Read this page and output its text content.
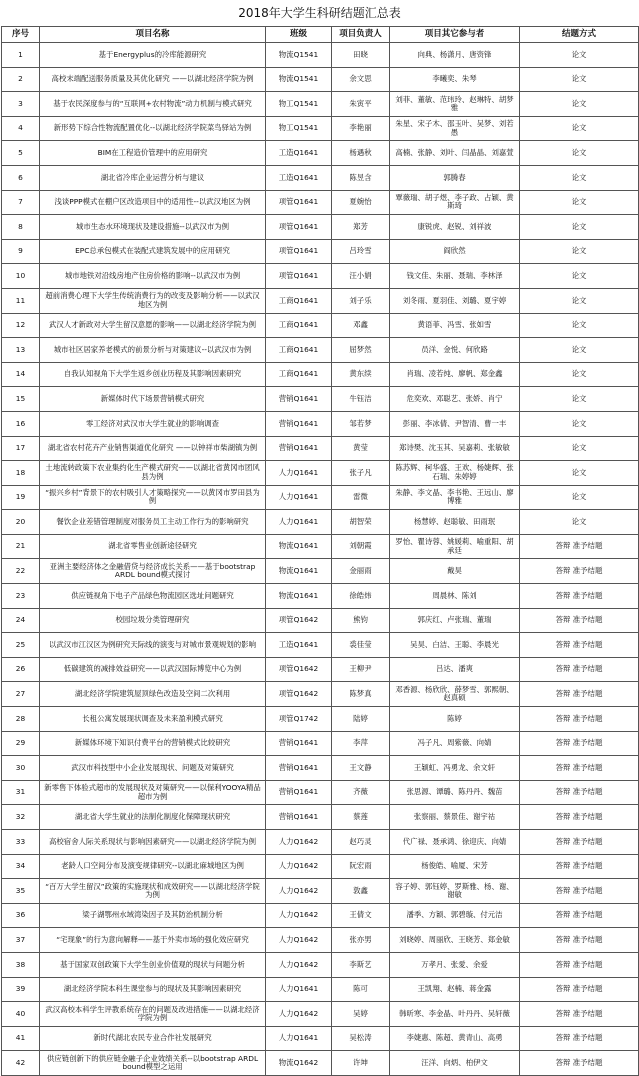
2018年大学生科研结题汇总表
序号	项目名称	班级	项目负责人	项目其它参与者	结题方式
1	基于Energyplus的冷库能源研究	物流Q1541	田晓	向典、杨潇月、唐资锋	论文
2	高校末端配送服务质量及其优化研究 ——以湖北经济学院为例	物流Q1541	余文思	李曦奕、朱琴	论文
3	基于农民深度参与的“互联网+农村物流”动力机制与模式研究	物工Q1541	朱寅平	刘菲、董敏、范玮玲、赵琳特、胡梦雅	论文
4	新形势下综合性物流配置优化--以湖北经济学院菜鸟驿站为例	物工Q1541	李艳丽	朱星、宋子木、邵玉叶、吴梦、刘若愚	论文
5	BIM在工程造价管理中的应用研究	工造Q1641	杨遇秋	高楠、张静、刘叶、闫晶晶、刘嘉萱	论文
6	湖北省冷库企业运营分析与建议	工造Q1641	陈昱含	郭腾春	论文
7	浅谈PPP模式在棚户区改造项目中的适用性--以武汉地区为例	项管Q1641	夏婉怡	覃薇瑞、胡子煜、李子政、占颖、黄斯琦	论文
8	城市生态水环境现状及建设措施--以武汉市为例	项管Q1641	郑芳	康锐虎、赵锐、刘祥波	论文
9	EPC总承包模式在装配式建筑发展中的应用研究	项管Q1641	吕玲雪	阎欣然	论文
10	城市地铁对沿线房地产住房价格的影响--以武汉市为例	项管Q1641	汪小娟	钱文佳、朱丽、聂瑞、李林泽	论文
11	超前消费心理下大学生传统消费行为的改变及影响分析——以武汉地区为例	工商Q1641	刘子乐	刘冬雨、夏羽佳、刘璐、夏宇婷	论文
12	武汉人才新政对大学生留汉意愿的影响——以湖北经济学院为例	工商Q1641	邓鑫	黄语菲、冯雪、张如雪	论文
13	城市社区居家养老模式的前景分析与对策建议--以武汉市为例	工商Q1641	屈梦然	员洋、金悦、何欣路	论文
14	自我认知视角下大学生返乡创业历程及其影响因素研究	工商Q1641	黄东续	肖瑞、凌若纯、廖帆、郑金鑫	论文
15	新媒体时代下场景营销模式研究	营销Q1641	牛钰洁	危奕欢、邓聪艺、张娇、肖宁	论文
16	零工经济对武汉市大学生就业的影响调查	营销Q1641	邹若梦	彭丽、李冰倩、尹智清、曹一丰	论文
17	湖北省农村花卉产业销售渠道优化研究 ——以钟祥市柴湖镇为例	营销Q1641	黄莹	郑诗樊、沈玉其、吴嘉莉、张敏敏	论文
18	土地流转政策下农业集约化生产模式研究——以湖北省黄冈市团风县为例	人力Q1641	张子凡	陈苏辉、柯华盛、王欢、杨婕辉、张石瑞、朱婷婷	论文
19	“振兴乡村”背景下的农村吸引人才策略探究——以黄冈市罗田县为例	人力Q1641	雷微	朱静、李文晶、李书艳、王远山、廖博雅	论文
20	餐饮企业差错管理制度对服务员工主动工作行为的影响研究	人力Q1641	胡智荣	杨慧婷、赵聪敏、田雨珉	论文
21	湖北省零售业创新途径研究	物流Q1641	刘朝霞	罗怡、瞿诗蓉、姚媛莉、喻重阳、胡承廷	答辩 准予结题
22	亚洲主要经济体之金融借贷与经济成长关系——基于bootstrap ARDL bound模式探讨	物流Q1641	金丽雨	戴昊	答辩 准予结题
23	供应链视角下电子产品绿色物流园区选址问题研究	物流Q1641	徐皓炜	周晨林、陈刘	答辩 准予结题
24	校园垃圾分类管理研究	项管Q1642	熊钧	郭庆红、卢张瑞、董瑞	答辩 准予结题
25	以武汉市江汉区为例研究天际线的演变与对城市景观规划的影响	工造Q1641	裘佳莹	吴昊、白洁、王聪、李晨光	答辩 准予结题
26	低碳建筑的减排效益研究——以武汉国际博览中心为例	项管Q1642	王柳尹	吕达、潘爽	答辩 准予结题
27	湖北经济学院建筑屋顶绿色改造及空间二次利用	项管Q1642	陈梦真	邓香源、杨欣欣、薛梦雪、郭熙朝、赵真硕	答辩 准予结题
28	长租公寓发展现状调查及未来盈利模式研究	项管Q1742	陆婷	陈婷	答辩 准予结题
29	新媒体环境下知识付费平台的营销模式比较研究	营销Q1641	李萍	冯子凡、周紫薇、向婧	答辩 准予结题
30	武汉市科技型中小企业发展现状、问题及对策研究	营销Q1641	王文静	王颖虹、冯勇龙、余文轩	答辩 准予结题
31	新零售下体验式超市的发展现状及对策研究——以保利YOOYA精品超市为例	营销Q1641	齐薇	张思源、谭璐、陈丹丹、魏苗	答辩 准予结题
32	湖北省大学生就业的法制化制度化保障现状研究	营销Q1641	蔡莲	张察丽、蔡景佳、谢宇祜	答辩 准予结题
33	高校宿舍人际关系现状与影响因素研究——以湖北经济学院为例	人力Q1642	赵巧灵	代广禄、聂承鸿、徐迎庆、向婧	答辩 准予结题
34	老龄人口空间分布及演变规律研究--以湖北麻城地区为例	人力Q1642	阮宏雨	杨俊皓、喻厦、宋芳	答辩 准予结题
35	“百万大学生留汉”政策的实施现状和成效研究——以湖北经济学院为例	人力Q1642	敦鑫	容子婷、郭钰婷、罗斯雅、杨、谢、谢敏	答辩 准予结题
36	梁子湖鄂州水域湾染因子及其防治机制分析	人力Q1642	王倩文	潘季、方颖、郭碧璇、付元洁	答辩 准予结题
37	“宅现象”的行为意向解释——基于外卖市场的强化效应研究	人力Q1642	张亦男	刘晓婷、周丽欣、王晓芳、郑金敏	答辩 准予结题
38	基于国家双创政策下大学生创业价值观的现状与问题分析	人力Q1642	李斯艺	万孝月、张愛、余爱	答辩 准予结题
39	湖北经济学院本科生课堂参与的现状及其影响因素研究	人力Q1641	陈可	王凯翔、赵楠、蒋金露	答辩 准予结题
40	武汉高校本科学生评教系统存在的问题及改进措施——以湖北经济学院为例	人力Q1642	吴婷	韩昕寒、李金晶、叶丹丹、吴轩薇	答辩 准予结题
41	新时代湖北农民专业合作社发展研究	人力Q1641	吴松涛	李婕惠、陈超、黄青山、高勇	答辩 准予结题
42	供应链创新下的供应链金融子企业效绩关系--以bootstrap ARDL bound模型之运用	物流Q1642	许坤	汪洋、向炳、柏伊文	答辩 准予结题
